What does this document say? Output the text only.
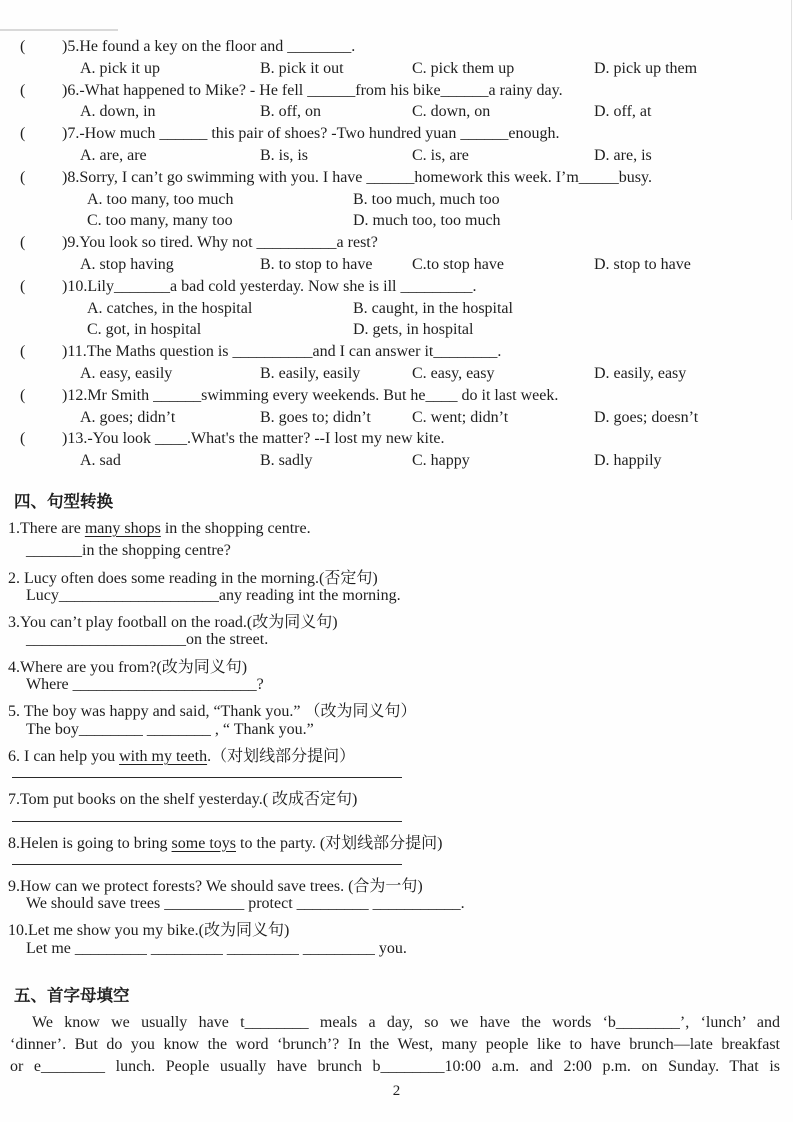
( )5.He found a key on the floor and ________.
A. pick it up	B. pick it out	C. pick them up	D. pick up them
( )6.-What happened to Mike? - He fell ______from his bike______a rainy day.
A. down, in	B. off, on	C. down, on	D. off, at
( )7.-How much ______ this pair of shoes? -Two hundred yuan ______enough.
A. are, are	B. is, is	C. is, are	D. are, is
( )8.Sorry, I can’t go swimming with you. I have ______homework this week. I’m_____busy.
A. too many, too much	B. too much, much too
C. too many, many too	D. much too, too much
( )9.You look so tired. Why not __________a rest?
A. stop having	B. to stop to have C.to stop have	D. stop to have
( )10.Lily_______a bad cold yesterday. Now she is ill _________.
A. catches, in the hospital	B. caught, in the hospital
C. got, in hospital	D. gets, in hospital
( )11.The Maths question is __________and I can answer it________.
A. easy, easily	B. easily, easily	C. easy, easy	D. easily, easy
( )12.Mr Smith ______swimming every weekends. But he____ do it last week.
A. goes; didn’t	B. goes to; didn’t	C. went; didn’t	D. goes; doesn’t
( )13.-You look ____.What's the matter? --I lost my new kite.
A. sad	B. sadly	C. happy	D. happily
四、句型转换
1.There are many shops in the shopping centre.
_______in the shopping centre?
2. Lucy often does some reading in the morning.(否定句)
Lucy____________________any reading int the morning.
3.You can’t play football on the road.(改为同义句)
____________________on the street.
4.Where are you from?(改为同义句)
Where _______________________?
5. The boy was happy and said, “Thank you.” （改为同义句）
The boy________ ________ , “ Thank you.”
6. I can help you with my teeth.（对划线部分提问）
7.Tom put books on the shelf yesterday.( 改成否定句)
8.Helen is going to bring some toys to the party. (对划线部分提问)
9.How can we protect forests? We should save trees. (合为一句)
We should save trees __________ protect _________ ___________.
10.Let me show you my bike.(改为同义句)
Let me _________ _________ _________ _________ you.
五、首字母填空
We know we usually have t________ meals a day, so we have the words ‘b________’, ‘lunch’ and
‘dinner’. But do you know the word ‘brunch’? In the West, many people like to have brunch—late breakfast
or e________ lunch. People usually have brunch b________10:00 a.m. and 2:00 p.m. on Sunday. That is
2
